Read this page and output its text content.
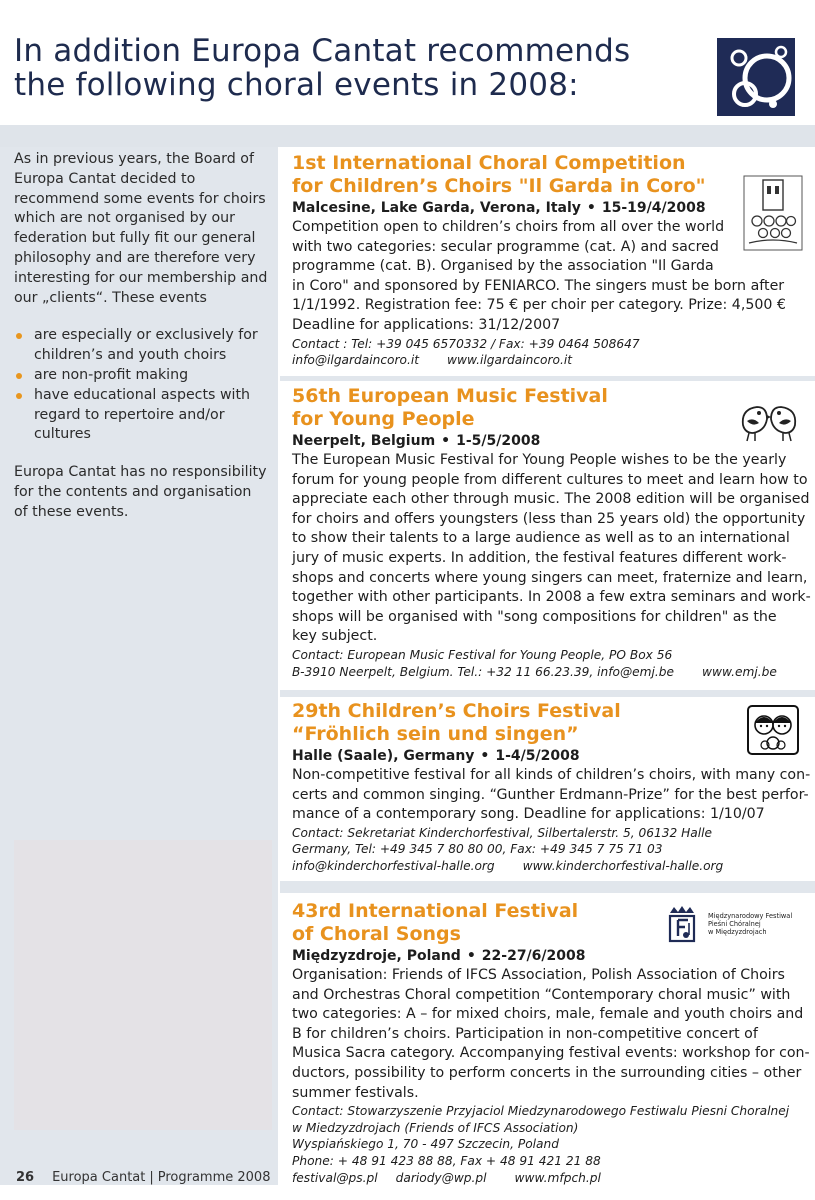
In addition Europa Cantat recommends
the following choral events in 2008:

As in previous years, the Board of Europa Cantat decided to recommend some events for choirs which are not organised by our federation but fully fit our general philosophy and are therefore very interesting for our membership and our „clients“. These events

are especially or exclusively for children’s and youth choirs
are non-profit making
have educational aspects with regard to repertoire and/or cultures

Europa Cantat has no responsibility for the contents and organisation of these events.

1st International Choral Competition
for Children’s Choirs "Il Garda in Coro"
Malcesine, Lake Garda, Verona, Italy • 15-19/4/2008
Competition open to children’s choirs from all over the world
with two categories: secular programme (cat. A) and sacred
programme (cat. B). Organised by the association "Il Garda
in Coro" and sponsored by FENIARCO. The singers must be born after
1/1/1992. Registration fee: 75 € per choir per category. Prize: 4,500 €
Deadline for applications: 31/12/2007
Contact : Tel: +39 045 6570332 / Fax: +39 0464 508647
info@ilgardaincoro.it www.ilgardaincoro.it
56th European Music Festival
for Young People
Neerpelt, Belgium • 1-5/5/2008
The European Music Festival for Young People wishes to be the yearly
forum for young people from different cultures to meet and learn how to
appreciate each other through music. The 2008 edition will be organised
for choirs and offers youngsters (less than 25 years old) the opportunity
to show their talents to a large audience as well as to an international
jury of music experts. In addition, the festival features different work-
shops and concerts where young singers can meet, fraternize and learn,
together with other participants. In 2008 a few extra seminars and work-
shops will be organised with "song compositions for children" as the
key subject.
Contact: European Music Festival for Young People, PO Box 56
B-3910 Neerpelt, Belgium. Tel.: +32 11 66.23.39, info@emj.be www.emj.be
29th Children’s Choirs Festival
“Fröhlich sein und singen”
Halle (Saale), Germany • 1-4/5/2008
Non-competitive festival for all kinds of children’s choirs, with many con-
certs and common singing. “Gunther Erdmann-Prize” for the best perfor-
mance of a contemporary song. Deadline for applications: 1/10/07
Contact: Sekretariat Kinderchorfestival, Silbertalerstr. 5, 06132 Halle
Germany, Tel: +49 345 7 80 80 00, Fax: +49 345 7 75 71 03
info@kinderchorfestival-halle.org www.kinderchorfestival-halle.org
43rd International Festival
of Choral Songs
Międzyzdroje, Poland • 22-27/6/2008
Organisation: Friends of IFCS Association, Polish Association of Choirs
and Orchestras Choral competition “Contemporary choral music” with
two categories: A – for mixed choirs, male, female and youth choirs and
B for children’s choirs. Participation in non-competitive concert of
Musica Sacra category. Accompanying festival events: workshop for con-
ductors, possibility to perform concerts in the surrounding cities – other
summer festivals.
Contact: Stowarzyszenie Przyjaciol Miedzynarodowego Festiwalu Piesni Choralnej
w Miedzyzdrojach (Friends of IFCS Association)
Wyspiańskiego 1, 70 - 497 Szczecin, Poland
Phone: + 48 91 423 88 88, Fax + 48 91 421 21 88
festival@ps.pl dariody@wp.pl www.mfpch.pl
Międzynarodowy Festiwal
Pieśni Chóralnej
w Międzyzdrojach
26 Europa Cantat | Programme 2008
